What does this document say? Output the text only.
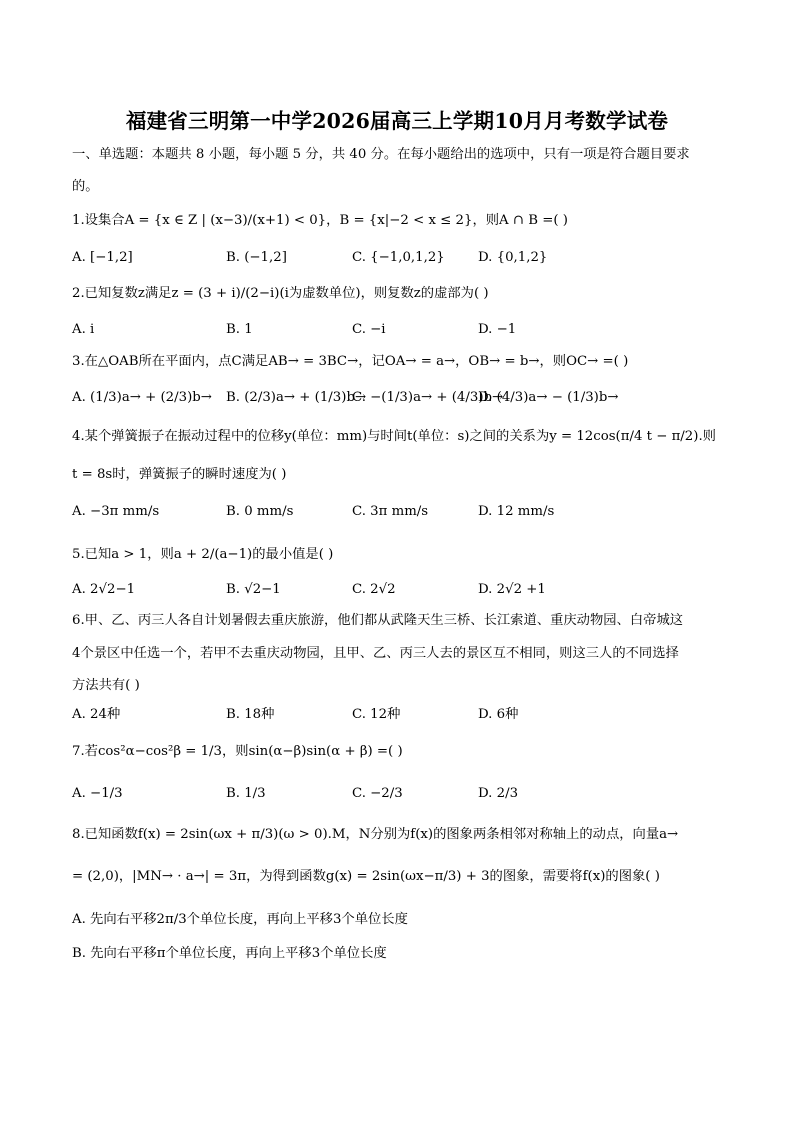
福建省三明第一中学2026届高三上学期10月月考数学试卷
一、单选题：本题共 8 小题，每小题 5 分，共 40 分。在每小题给出的选项中，只有一项是符合题目要求
的。
1.设集合A = {x ∈ Z | (x−3)/(x+1) < 0}，B = {x|−2 < x ≤ 2}，则A ∩ B =( )
A. [−1,2]	B. (−1,2]	C. {−1,0,1,2}	D. {0,1,2}
2.已知复数z满足z = (3 + i)/(2−i)(i为虚数单位)，则复数z的虚部为( )
A. i	B. 1	C. −i	D. −1
3.在△OAB所在平面内，点C满足AB→ = 3BC→，记OA→ = a→，OB→ = b→，则OC→ =( )
A. (1/3)a→ + (2/3)b→ B. (2/3)a→ + (1/3)b→
C. −(1/3)a→ + (4/3)b→
D. (4/3)a→ − (1/3)b→
4.某个弹簧振子在振动过程中的位移y(单位：mm)与时间t(单位：s)之间的关系为y = 12cos(π/4 t − π/2).则
t = 8s时，弹簧振子的瞬时速度为( )
A. −3π mm/s	B. 0 mm/s	C. 3π mm/s	D. 12 mm/s
5.已知a > 1，则a + 2/(a−1)的最小值是( )
A. 2√2−1	B. √2−1	C. 2√2	D. 2√2 +1
6.甲、乙、丙三人各自计划暑假去重庆旅游，他们都从武隆天生三桥、长江索道、重庆动物园、白帝城这
4个景区中任选一个，若甲不去重庆动物园，且甲、乙、丙三人去的景区互不相同，则这三人的不同选择
方法共有( )
A. 24种	B. 18种	C. 12种	D. 6种
7.若cos²α−cos²β = 1/3，则sin(α−β)sin(α + β) =( )
A. −1/3	B. 1/3	C. −2/3	D. 2/3
8.已知函数f(x) = 2sin(ωx + π/3)(ω > 0).M，N分别为f(x)的图象两条相邻对称轴上的动点，向量a→
= (2,0)，|MN→ · a→| = 3π，为得到函数g(x) = 2sin(ωx−π/3) + 3的图象，需要将f(x)的图象( )
A. 先向右平移2π/3个单位长度，再向上平移3个单位长度
B. 先向右平移π个单位长度，再向上平移3个单位长度
